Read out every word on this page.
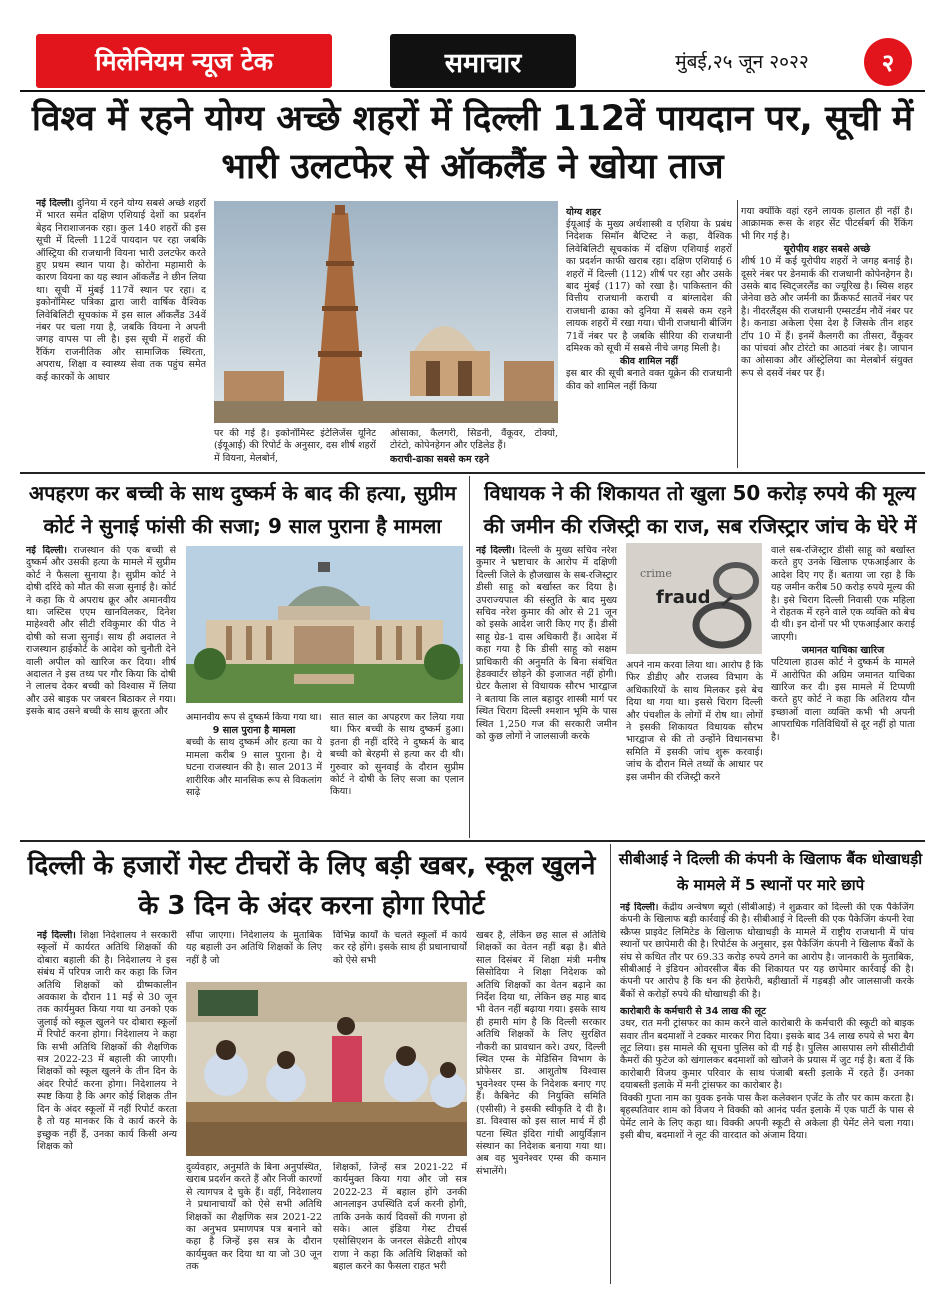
मिलेनियम न्यूज टेक	समाचार	मुंबई,२५ जून २०२२	२
विश्व में रहने योग्य अच्छे शहरों में दिल्ली 112वें पायदान पर, सूची में भारी उलटफेर से ऑकलैंड ने खोया ताज
नई दिल्ली। दुनिया में रहने योग्य सबसे अच्छे शहरों में भारत समेत दक्षिण एशियाई देशों का प्रदर्शन बेहद निराशाजनक रहा। कुल 140 शहरों की इस सूची में दिल्ली 112वें पायदान पर रहा जबकि ऑस्ट्रिया की राजधानी वियना भारी उलटफेर करते हुए प्रथम स्थान पाया है। कोरोना महामारी के कारण वियना का यह स्थान ऑकलैंड ने छीन लिया था। सूची में मुंबई 117वें स्थान पर रहा। द इकोनॉमिस्ट पत्रिका द्वारा जारी वार्षिक वैश्विक लिवेबिलिटी सूचकांक में इस साल ऑकलैंड 34वें नंबर पर चला गया है, जबकि वियना ने अपनी जगह वापस पा ली है। इस सूची में शहरों की रैंकिंग राजनीतिक और सामाजिक स्थिरता, अपराध, शिक्षा व स्वास्थ्य सेवा तक पहुंच समेत कई कारकों के आधार
पर की गई है। इकोनॉमिस्ट इंटेलिजेंस यूनिट (ईयूआई) की रिपोर्ट के अनुसार, दस शीर्ष शहरों में वियना, मेलबोर्न,
ओसाका, कैलगरी, सिडनी, वैंकूवर, टोक्यो, टोरंटो, कोपेनहेगन और एडिलेड हैं।
कराची-ढाका सबसे कम रहने
योग्य शहर
ईयूआई के मुख्य अर्थशास्त्री व एशिया के प्रबंध निदेशक सिमॉन बैप्टिस्ट ने कहा, वैश्विक लिवेबिलिटी सूचकांक में दक्षिण एशियाई शहरों का प्रदर्शन काफी खराब रहा। दक्षिण एशियाई 6 शहरों में दिल्ली (112) शीर्ष पर रहा और उसके बाद मुंबई (117) को रखा है। पाकिस्तान की वित्तीय राजधानी कराची व बांग्लादेश की राजधानी ढाका को दुनिया में सबसे कम रहने लायक शहरों में रखा गया। चीनी राजधानी बीजिंग 71वें नंबर पर है जबकि सीरिया की राजधानी दमिश्क को सूची में सबसे नीचे जगह मिली है।
कीव शामिल नहीं
इस बार की सूची बनाते वक्त यूक्रेन की राजधानी कीव को शामिल नहीं किया
गया क्योंकि वहां रहने लायक हालात ही नहीं है। आक्रामक रूस के शहर सेंट पीटर्सबर्ग की रैंकिंग भी गिर गई है।
यूरोपीय शहर सबसे अच्छे
शीर्ष 10 में कई यूरोपीय शहरों ने जगह बनाई है। दूसरे नंबर पर डेनमार्क की राजधानी कोपेनहेगन है। उसके बाद स्विट्जरलैंड का ज्यूरिख है। स्विस शहर जेनेवा छठे और जर्मनी का फ्रैंकफर्ट सातवें नंबर पर है। नीदरलैंड्स की राजधानी एम्सटर्डम नौवें नंबर पर है। कनाडा अकेला ऐसा देश है जिसके तीन शहर टॉप 10 में हैं। इनमें कैलगरी का तीसरा, वैंकूवर का पांचवां और टोरंटो का आठवां नंबर है। जापान का ओसाका और ऑस्ट्रेलिया का मेलबोर्न संयुक्त रूप से दसवें नंबर पर हैं।
अपहरण कर बच्ची के साथ दुष्कर्म के बाद की हत्या, सुप्रीम कोर्ट ने सुनाई फांसी की सजा; 9 साल पुराना है मामला
नई दिल्ली। राजस्थान की एक बच्ची से दुष्कर्म और उसकी हत्या के मामले में सुप्रीम कोर्ट ने फैसला सुनाया है। सुप्रीम कोर्ट ने दोषी दरिंदे को मौत की सजा सुनाई है। कोर्ट ने कहा कि ये अपराध क्रूर और अमानवीय था। जस्टिस एएम खानविलकर, दिनेश माहेश्वरी और सीटी रविकुमार की पीठ ने दोषी को सजा सुनाई। साथ ही अदालत ने राजस्थान हाईकोर्ट के आदेश को चुनौती देने वाली अपील को खारिज कर दिया। शीर्ष अदालत ने इस तथ्य पर गौर किया कि दोषी ने लालच देकर बच्ची को विश्वास में लिया और उसे बाइक पर जबरन बिठाकर ले गया। इसके बाद उसने बच्ची के साथ क्रूरता और
अमानवीय रूप से दुष्कर्म किया गया था।
9 साल पुराना है मामला
बच्ची के साथ दुष्कर्म और हत्या का ये मामला करीब 9 साल पुराना है। ये घटना राजस्थान की है। साल 2013 में शारीरिक और मानसिक रूप से विकलांग साढ़े
सात साल का अपहरण कर लिया गया था। फिर बच्ची के साथ दुष्कर्म हुआ। इतना ही नहीं दरिंदे ने दुष्कर्म के बाद बच्ची को बेरहमी से हत्या कर दी थी। गुरुवार को सुनवाई के दौरान सुप्रीम कोर्ट ने दोषी के लिए सजा का एलान किया।
विधायक ने की शिकायत तो खुला 50 करोड़ रुपये की मूल्य की जमीन की रजिस्ट्री का राज, सब रजिस्ट्रार जांच के घेरे में
नई दिल्ली। दिल्ली के मुख्य सचिव नरेश कुमार ने भ्रष्टाचार के आरोप में दक्षिणी दिल्ली जिले के हौजखास के सब-रजिस्ट्रार डीसी साहू को बर्खास्त कर दिया है। उपराज्यपाल की संस्तुति के बाद मुख्य सचिव नरेश कुमार की ओर से 21 जून को इसके आदेश जारी किए गए हैं। डीसी साहू ग्रेड-1 दास अधिकारी हैं। आदेश में कहा गया है कि डीसी साहू को सक्षम प्राधिकारी की अनुमति के बिना संबंधित हेडक्वार्टर छोड़ने की इजाजत नहीं होगी। ग्रेटर कैलाश से विधायक सौरभ भारद्वाज ने बताया कि लाल बहादुर शास्त्री मार्ग पर स्थित चिराग दिल्ली श्मशान भूमि के पास स्थित 1,250 गज की सरकारी जमीन को कुछ लोगों ने जालसाजी करके
crime
fraud
अपने नाम करवा लिया था। आरोप है कि फिर डीडीए और राजस्व विभाग के अधिकारियों के साथ मिलकर इसे बेच दिया था गया था। इससे चिराग दिल्ली और पंचशील के लोगों में रोष था। लोगों ने इसकी शिकायत विधायक सौरभ भारद्वाज से की तो उन्होंने विधानसभा समिति में इसकी जांच शुरू करवाई। जांच के दौरान मिले तथ्यों के आधार पर इस जमीन की रजिस्ट्री करने
वाले सब-रजिस्ट्रार डीसी साहू को बर्खास्त करते हुए उनके खिलाफ एफआईआर के आदेश दिए गए हैं। बताया जा रहा है कि यह जमीन करीब 50 करोड़ रुपये मूल्य की है। इसे चिराग दिल्ली निवासी एक महिला ने रोहतक में रहने वाले एक व्यक्ति को बेच दी थी। इन दोनों पर भी एफआईआर कराई जाएगी।
जमानत याचिका खारिज
पटियाला हाउस कोर्ट ने दुष्कर्म के मामले में आरोपित की अग्रिम जमानत याचिका खारिज कर दी। इस मामले में टिप्पणी करते हुए कोर्ट ने कहा कि अतिशय यौन इच्छाओं वाला व्यक्ति कभी भी अपनी आपराधिक गतिविधियों से दूर नहीं हो पाता है।
दिल्ली के हजारों गेस्ट टीचरों के लिए बड़ी खबर, स्कूल खुलने के 3 दिन के अंदर करना होगा रिपोर्ट
नई दिल्ली। शिक्षा निदेशालय ने सरकारी स्कूलों में कार्यरत अतिथि शिक्षकों की दोबारा बहाली की है। निदेशालय ने इस संबंध में परिपत्र जारी कर कहा कि जिन अतिथि शिक्षकों को ग्रीष्मकालीन अवकाश के दौरान 11 मई से 30 जून तक कार्यमुक्त किया गया था उनको एक जुलाई को स्कूल खुलने पर दोबारा स्कूलों में रिपोर्ट करना होगा। निदेशालय ने कहा कि सभी अतिथि शिक्षकों की शैक्षणिक सत्र 2022-23 में बहाली की जाएगी। शिक्षकों को स्कूल खुलने के तीन दिन के अंदर रिपोर्ट करना होगा। निदेशालय ने स्पष्ट किया है कि अगर कोई शिक्षक तीन दिन के अंदर स्कूलों में नहीं रिपोर्ट करता है तो यह मानकर कि वे कार्य करने के इच्छुक नहीं हैं, उनका कार्य किसी अन्य शिक्षक को
सौंपा जाएगा। निदेशालय के मुताबिक यह बहाली उन अतिथि शिक्षकों के लिए नहीं है जो
विभिन्न कार्यों के चलते स्कूलों में कार्य कर रहे होंगे। इसके साथ ही प्रधानाचार्यों को ऐसे सभी
दुर्व्यवहार, अनुमति के बिना अनुपस्थित, खराब प्रदर्शन करते हैं और निजी कारणों से त्यागपत्र दे चुके हैं। वहीं, निदेशालय ने प्रधानाचार्यों को ऐसे सभी अतिथि शिक्षकों का शैक्षणिक सत्र 2021-22 का अनुभव प्रमाणपत्र पत्र बनाने को कहा है जिन्हें इस सत्र के दौरान कार्यमुक्त कर दिया था या जो 30 जून तक
शिक्षकों, जिन्हें सत्र 2021-22 में कार्यमुक्त किया गया और जो सत्र 2022-23 में बहाल होंगे उनकी आनलाइन उपस्थिति दर्ज करनी होगी, ताकि उनके कार्य दिवसों की गणना हो सके। आल इंडिया गेस्ट टीचर्स एसोसिएशन के जनरल सेक्रेटरी शोएब राणा ने कहा कि अतिथि शिक्षकों को बहाल करने का फैसला राहत भरी
खबर है, लेकिन छह साल से अतिथि शिक्षकों का वेतन नहीं बढ़ा है। बीते साल दिसंबर में शिक्षा मंत्री मनीष सिसोदिया ने शिक्षा निदेशक को अतिथि शिक्षकों का वेतन बढ़ाने का निर्देश दिया था, लेकिन छह माह बाद भी वेतन नहीं बढ़ाया गया। इसके साथ ही हमारी मांग है कि दिल्ली सरकार अतिथि शिक्षकों के लिए सुरक्षित नौकरी का प्रावधान करे। उधर, दिल्ली स्थित एम्स के मेडिसिन विभाग के प्रोफेसर डा. आशुतोष विश्वास भुवनेश्वर एम्स के निदेशक बनाए गए हैं। कैबिनेट की नियुक्ति समिति (एसीसी) ने इसकी स्वीकृति दे दी है। डा. विश्वास को इस साल मार्च में ही पटना स्थित इंदिरा गांधी आयुर्विज्ञान संस्थान का निदेशक बनाया गया था। अब वह भुवनेश्वर एम्स की कमान संभालेंगे।
सीबीआई ने दिल्ली की कंपनी के खिलाफ बैंक धोखाधड़ी के मामले में 5 स्थानों पर मारे छापे
नई दिल्ली। केंद्रीय अन्वेषण ब्यूरो (सीबीआई) ने शुक्रवार को दिल्ली की एक पैकेजिंग कंपनी के खिलाफ बड़ी कार्रवाई की है। सीबीआई ने दिल्ली की एक पैकेजिंग कंपनी रेवा स्क्रैप्स प्राइवेट लिमिटेड के खिलाफ धोखाधड़ी के मामले में राष्ट्रीय राजधानी में पांच स्थानों पर छापेमारी की है। रिपोर्टस के अनुसार, इस पैकेजिंग कंपनी ने खिलाफ बैंकों के संघ से कथित तौर पर 69.33 करोड़ रुपये ठगने का आरोप है। जानकारी के मुताबिक, सीबीआई ने इंडियन ओवरसीज बैंक की शिकायत पर यह छापेमार कार्रवाई की है। कंपनी पर आरोप है कि धन की हेराफेरी, बहीखातों में गड़बड़ी और जालसाजी करके बैंकों से करोड़ों रुपये की धोखाधड़ी की है।
कारोबारी के कर्मचारी से 34 लाख की लूट
उधर, रात मनी ट्रांसफर का काम करने वाले कारोबारी के कर्मचारी की स्कूटी को बाइक सवार तीन बदमाशों ने टक्कर मारकर गिरा दिया। इसके बाद 34 लाख रुपये से भरा बैग लूट लिया। इस मामले की सूचना पुलिस को दी गई है। पुलिस आसपास लगे सीसीटीवी कैमरों की फुटेज को खंगालकर बदमाशों को खोजने के प्रयास में जुट गई है। बता दें कि कारोबारी विजय कुमार परिवार के साथ पंजाबी बस्ती इलाके में रहते हैं। उनका दयाबस्ती इलाके में मनी ट्रांसफर का कारोबार है।
विक्की गुप्ता नाम का युवक इनके पास कैश कलेक्शन एजेंट के तौर पर काम करता है। बृहस्पतिवार शाम को विजय ने विक्की को आनंद पर्वत इलाके में एक पार्टी के पास से पेमेंट लाने के लिए कहा था। विक्की अपनी स्कूटी से अकेला ही पेमेंट लेने चला गया। इसी बीच, बदमाशों ने लूट की वारदात को अंजाम दिया।
